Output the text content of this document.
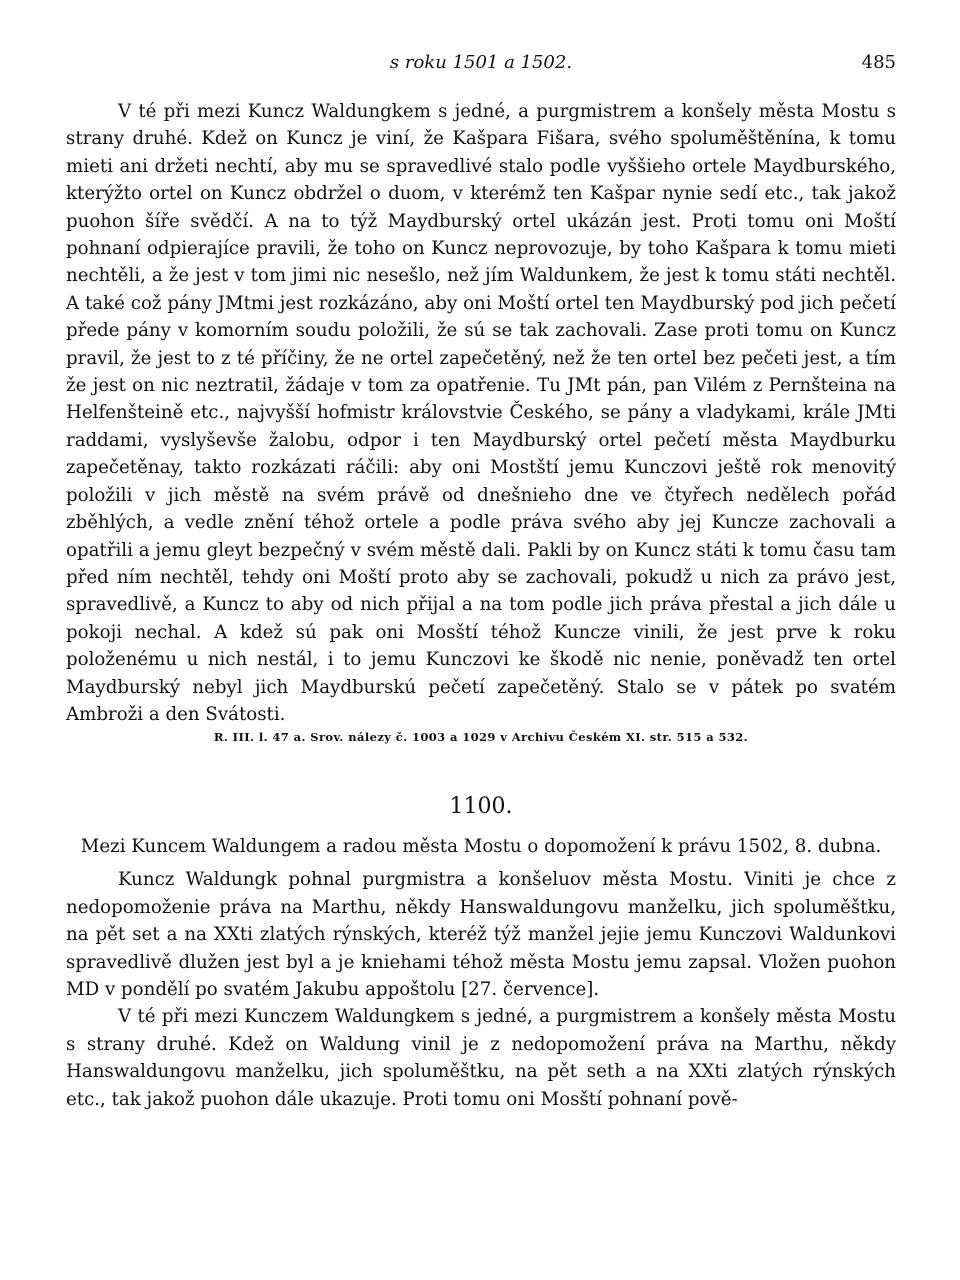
s roku 1501 a 1502.	485

V té při mezi Kuncz Waldungkem s jedné, a purgmistrem a konšely města Mostu s strany druhé. Kdež on Kuncz je viní, že Kašpara Fišara, svého spoluměštěnína, k tomu mieti ani držeti nechtí, aby mu se spravedlivé stalo podle vyššieho ortele Maydburského, kterýžto ortel on Kuncz obdržel o duom, v kterémž ten Kašpar nynie sedí etc., tak jakož puohon šíře svědčí. A na to týž Maydburský ortel ukázán jest. Proti tomu oni Moští pohnaní odpierajíce pravili, že toho on Kuncz neprovozuje, by toho Kašpara k tomu mieti nechtěli, a že jest v tom jimi nic nesešlo, než jím Waldunkem, že jest k tomu státi nechtěl. A také což pány JMtmi jest rozkázáno, aby oni Moští ortel ten Maydburský pod jich pečetí přede pány v komorním soudu položili, že sú se tak zachovali. Zase proti tomu on Kuncz pravil, že jest to z té příčiny, že ne ortel zapečetěný, než že ten ortel bez pečeti jest, a tím že jest on nic neztratil, žádaje v tom za opatřenie. Tu JMt pán, pan Vilém z Pernšteina na Helfenšteině etc., najvyšší hofmistr královstvie Českého, se pány a vladykami, krále JMti raddami, vyslyševše žalobu, odpor i ten Maydburský ortel pečetí města Maydburku zapečetěnay, takto rozkázati ráčili: aby oni Mostští jemu Kunczovi ještě rok menovitý položili v jich městě na svém právě od dnešnieho dne ve čtyřech nedělech pořád zběhlých, a vedle znění téhož ortele a podle práva svého aby jej Kuncze zachovali a opatřili a jemu gleyt bezpečný v svém městě dali. Pakli by on Kuncz státi k tomu času tam před ním nechtěl, tehdy oni Moští proto aby se zachovali, pokudž u nich za právo jest, spravedlivě, a Kuncz to aby od nich přijal a na tom podle jich práva přestal a jich dále u pokoji nechal. A kdež sú pak oni Mosští téhož Kuncze vinili, že jest prve k roku položenému u nich nestál, i to jemu Kunczovi ke škodě nic nenie, poněvadž ten ortel Maydburský nebyl jich Maydburskú pečetí zapečetěný. Stalo se v pátek po svatém Ambroži a den Svátosti.

R. III. l. 47 a. Srov. nálezy č. 1003 a 1029 v Archivu Českém XI. str. 515 a 532.

1100.
Mezi Kuncem Waldungem a radou města Mostu o dopomožení k právu 1502, 8. dubna.

Kuncz Waldungk pohnal purgmistra a konšeluov města Mostu. Viniti je chce z nedopomoženie práva na Marthu, někdy Hanswaldungovu manželku, jich spoluměštku, na pět set a na XXti zlatých rýnských, kteréž týž manžel jejie jemu Kunczovi Waldunkovi spravedlivě dlužen jest byl a je kniehami téhož města Mostu jemu zapsal. Vložen puohon MD v pondělí po svatém Jakubu appoštolu [27. července].

V té při mezi Kunczem Waldungkem s jedné, a purgmistrem a konšely města Mostu s strany druhé. Kdež on Waldung vinil je z nedopomožení práva na Marthu, někdy Hanswaldungovu manželku, jich spoluměštku, na pět seth a na XXti zlatých rýnských etc., tak jakož puohon dále ukazuje. Proti tomu oni Mosští pohnaní pově-
